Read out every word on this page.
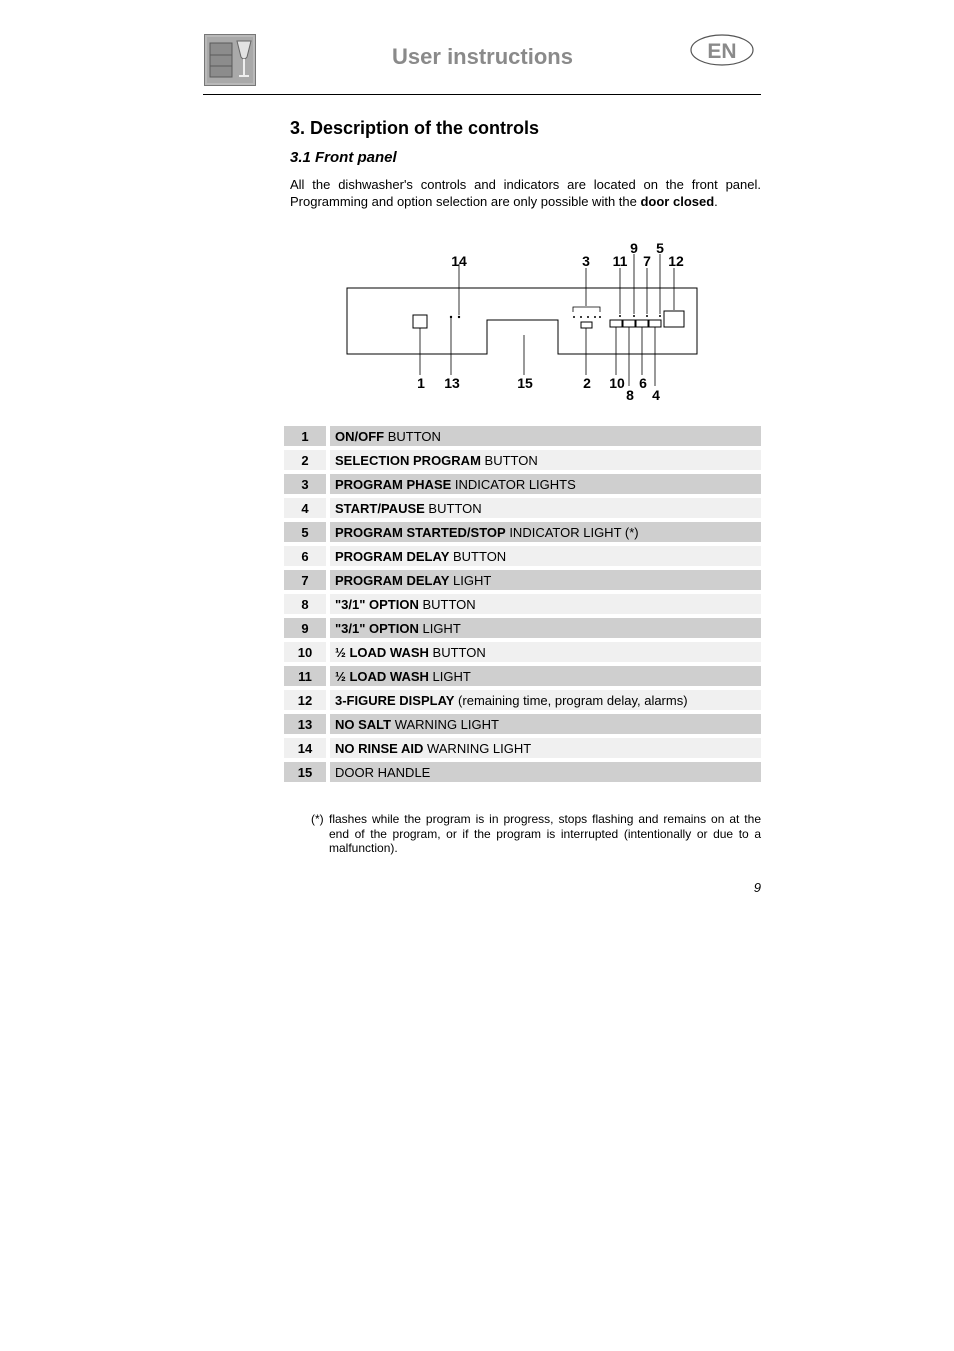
User instructions	EN
3. Description of the controls
3.1 Front panel

All the dishwasher's controls and indicators are located on the front panel. Programming and option selection are only possible with the door closed.

14	3 11
9
7
5
12
1 13	15	2 10
8
6
4
1		ON/OFF BUTTON
2		SELECTION PROGRAM BUTTON
3		PROGRAM PHASE INDICATOR LIGHTS
4		START/PAUSE BUTTON
5		PROGRAM STARTED/STOP INDICATOR LIGHT (*)
6		PROGRAM DELAY BUTTON
7		PROGRAM DELAY LIGHT
8		"3/1" OPTION BUTTON
9		"3/1" OPTION LIGHT
10		½ LOAD WASH BUTTON
11		½ LOAD WASH LIGHT
12		3-FIGURE DISPLAY (remaining time, program delay, alarms)
13		NO SALT WARNING LIGHT
14		NO RINSE AID WARNING LIGHT
15		DOOR HANDLE
(*) flashes while the program is in progress, stops flashing and remains on at the end of the program, or if the program is interrupted (intentionally or due to a malfunction).
9
